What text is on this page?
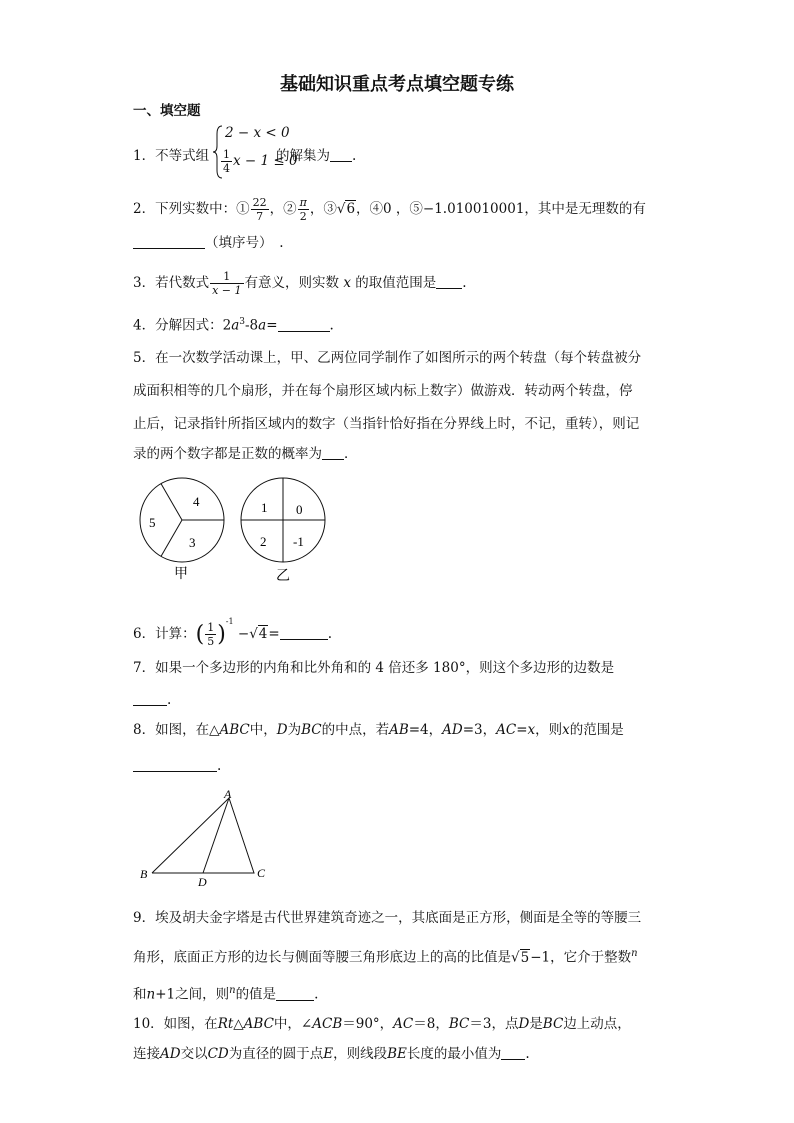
基础知识重点考点填空题专练
一、填空题
1．不等式组
2 − x < 0
$\frac{1}{4}$ x − 1 ≤ 0
的解集为 .
2．下列实数中：① $\frac{22}{7}$ ，② $\frac{\pi}{2}$ ，③√6，④0 ，⑤−1.010010001，其中是无理数的有
（填序号）　.
3．若代数式 $\frac{1}{x - 1}$ 有意义，则实数 x 的取值范围是 .
4．分解因式：$2a^3-8a=$	.
5．在一次数学活动课上，甲、乙两位同学制作了如图所示的两个转盘（每个转盘被分
成面积相等的几个扇形，并在每个扇形区域内标上数字）做游戏．转动两个转盘，停
止后，记录指针所指区域内的数字（当指针恰好指在分界线上时，不记，重转），则记
录的两个数字都是正数的概率为 ．
4
5
3
甲
1 0
2 -1
乙
6．计算：( $\frac{1}{5} )^{-1} -√4=$	.
7．如果一个多边形的内角和比外角和的 4 倍还多 180°，则这个多边形的边数是
.
8．如图，在△ABC中，D为BC的中点，若AB=4，AD=3，AC=x，则x的范围是
.
A
B	C
D
9．埃及胡夫金字塔是古代世界建筑奇迹之一，其底面是正方形，侧面是全等的等腰三
角形，底面正方形的边长与侧面等腰三角形底边上的高的比值是√5−1，它介于整数$^n$
和n+1之间，则$^n$的值是	.
10．如图，在Rt△ABC中，∠ACB＝90°，AC＝8，BC＝3，点D是BC边上动点，
连接AD交以CD为直径的圆于点E，则线段BE长度的最小值为 .
